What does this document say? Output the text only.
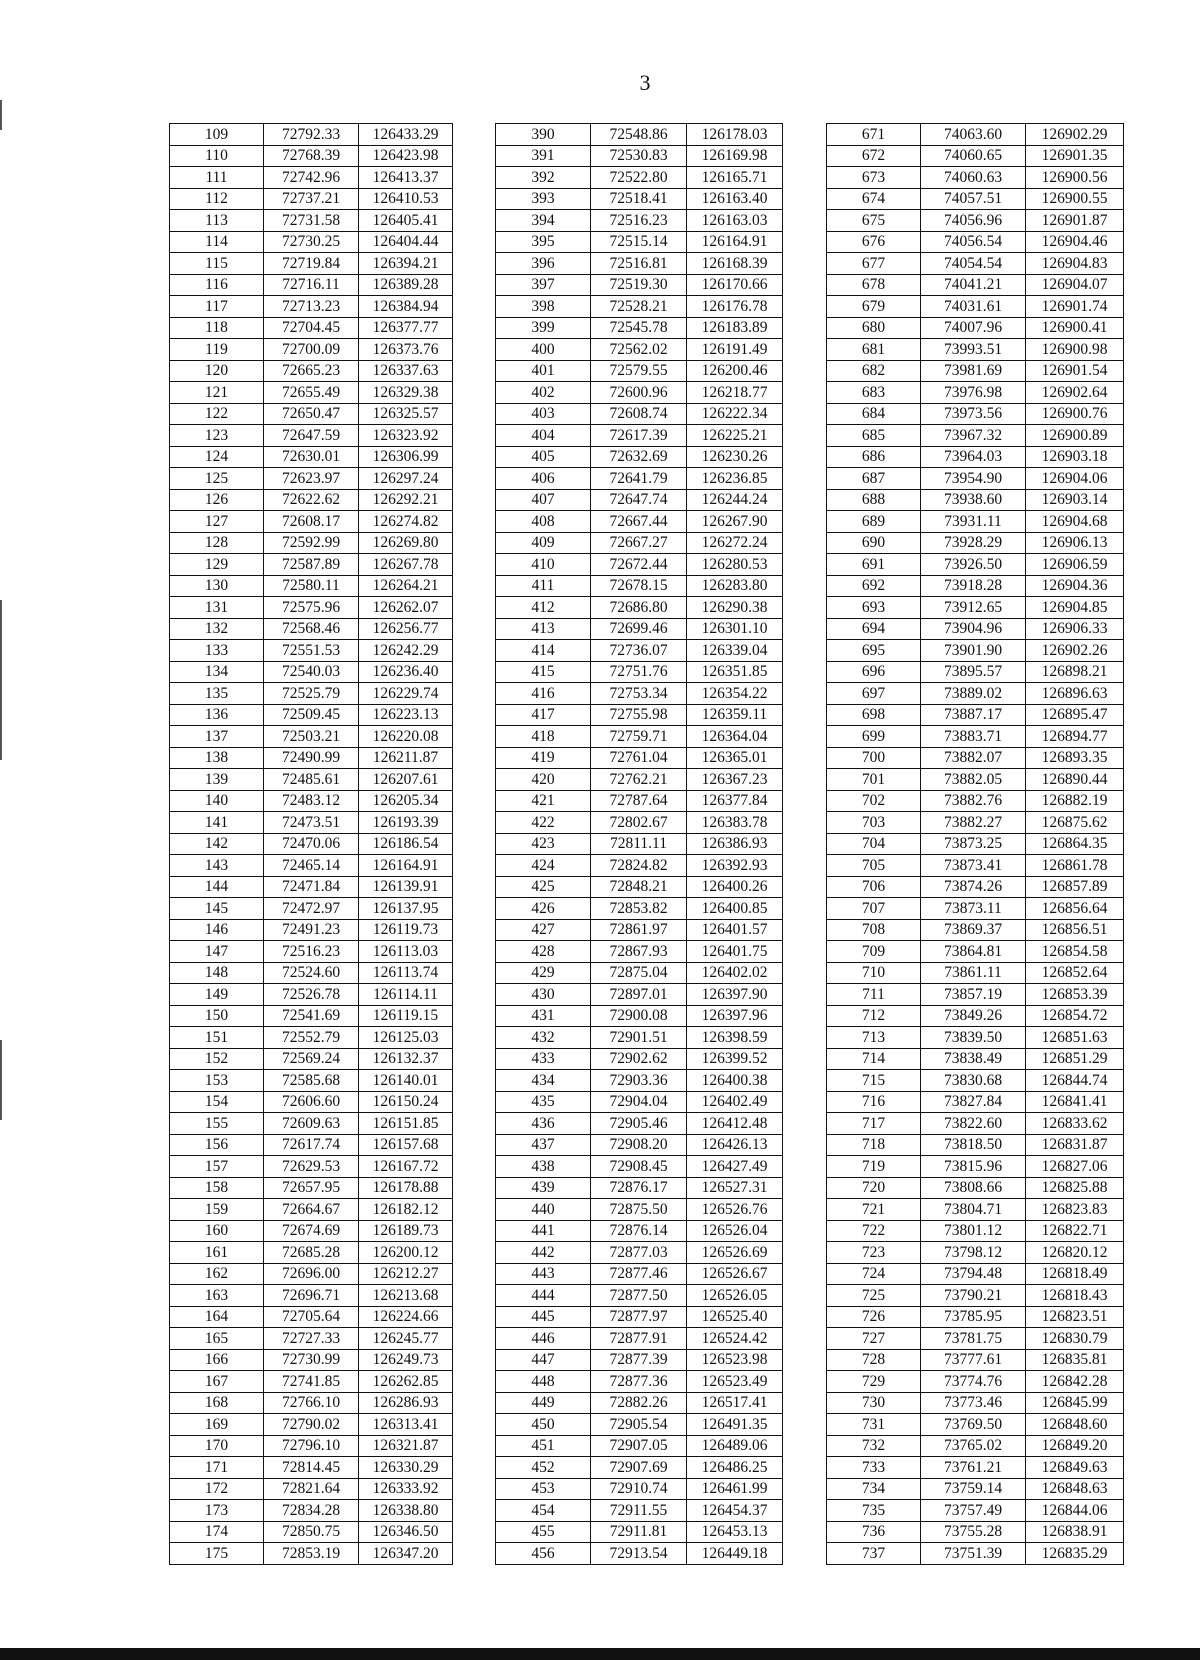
3
109	72792.33	126433.29
110	72768.39	126423.98
111	72742.96	126413.37
112	72737.21	126410.53
113	72731.58	126405.41
114	72730.25	126404.44
115	72719.84	126394.21
116	72716.11	126389.28
117	72713.23	126384.94
118	72704.45	126377.77
119	72700.09	126373.76
120	72665.23	126337.63
121	72655.49	126329.38
122	72650.47	126325.57
123	72647.59	126323.92
124	72630.01	126306.99
125	72623.97	126297.24
126	72622.62	126292.21
127	72608.17	126274.82
128	72592.99	126269.80
129	72587.89	126267.78
130	72580.11	126264.21
131	72575.96	126262.07
132	72568.46	126256.77
133	72551.53	126242.29
134	72540.03	126236.40
135	72525.79	126229.74
136	72509.45	126223.13
137	72503.21	126220.08
138	72490.99	126211.87
139	72485.61	126207.61
140	72483.12	126205.34
141	72473.51	126193.39
142	72470.06	126186.54
143	72465.14	126164.91
144	72471.84	126139.91
145	72472.97	126137.95
146	72491.23	126119.73
147	72516.23	126113.03
148	72524.60	126113.74
149	72526.78	126114.11
150	72541.69	126119.15
151	72552.79	126125.03
152	72569.24	126132.37
153	72585.68	126140.01
154	72606.60	126150.24
155	72609.63	126151.85
156	72617.74	126157.68
157	72629.53	126167.72
158	72657.95	126178.88
159	72664.67	126182.12
160	72674.69	126189.73
161	72685.28	126200.12
162	72696.00	126212.27
163	72696.71	126213.68
164	72705.64	126224.66
165	72727.33	126245.77
166	72730.99	126249.73
167	72741.85	126262.85
168	72766.10	126286.93
169	72790.02	126313.41
170	72796.10	126321.87
171	72814.45	126330.29
172	72821.64	126333.92
173	72834.28	126338.80
174	72850.75	126346.50
175	72853.19	126347.20
390	72548.86	126178.03
391	72530.83	126169.98
392	72522.80	126165.71
393	72518.41	126163.40
394	72516.23	126163.03
395	72515.14	126164.91
396	72516.81	126168.39
397	72519.30	126170.66
398	72528.21	126176.78
399	72545.78	126183.89
400	72562.02	126191.49
401	72579.55	126200.46
402	72600.96	126218.77
403	72608.74	126222.34
404	72617.39	126225.21
405	72632.69	126230.26
406	72641.79	126236.85
407	72647.74	126244.24
408	72667.44	126267.90
409	72667.27	126272.24
410	72672.44	126280.53
411	72678.15	126283.80
412	72686.80	126290.38
413	72699.46	126301.10
414	72736.07	126339.04
415	72751.76	126351.85
416	72753.34	126354.22
417	72755.98	126359.11
418	72759.71	126364.04
419	72761.04	126365.01
420	72762.21	126367.23
421	72787.64	126377.84
422	72802.67	126383.78
423	72811.11	126386.93
424	72824.82	126392.93
425	72848.21	126400.26
426	72853.82	126400.85
427	72861.97	126401.57
428	72867.93	126401.75
429	72875.04	126402.02
430	72897.01	126397.90
431	72900.08	126397.96
432	72901.51	126398.59
433	72902.62	126399.52
434	72903.36	126400.38
435	72904.04	126402.49
436	72905.46	126412.48
437	72908.20	126426.13
438	72908.45	126427.49
439	72876.17	126527.31
440	72875.50	126526.76
441	72876.14	126526.04
442	72877.03	126526.69
443	72877.46	126526.67
444	72877.50	126526.05
445	72877.97	126525.40
446	72877.91	126524.42
447	72877.39	126523.98
448	72877.36	126523.49
449	72882.26	126517.41
450	72905.54	126491.35
451	72907.05	126489.06
452	72907.69	126486.25
453	72910.74	126461.99
454	72911.55	126454.37
455	72911.81	126453.13
456	72913.54	126449.18
671	74063.60	126902.29
672	74060.65	126901.35
673	74060.63	126900.56
674	74057.51	126900.55
675	74056.96	126901.87
676	74056.54	126904.46
677	74054.54	126904.83
678	74041.21	126904.07
679	74031.61	126901.74
680	74007.96	126900.41
681	73993.51	126900.98
682	73981.69	126901.54
683	73976.98	126902.64
684	73973.56	126900.76
685	73967.32	126900.89
686	73964.03	126903.18
687	73954.90	126904.06
688	73938.60	126903.14
689	73931.11	126904.68
690	73928.29	126906.13
691	73926.50	126906.59
692	73918.28	126904.36
693	73912.65	126904.85
694	73904.96	126906.33
695	73901.90	126902.26
696	73895.57	126898.21
697	73889.02	126896.63
698	73887.17	126895.47
699	73883.71	126894.77
700	73882.07	126893.35
701	73882.05	126890.44
702	73882.76	126882.19
703	73882.27	126875.62
704	73873.25	126864.35
705	73873.41	126861.78
706	73874.26	126857.89
707	73873.11	126856.64
708	73869.37	126856.51
709	73864.81	126854.58
710	73861.11	126852.64
711	73857.19	126853.39
712	73849.26	126854.72
713	73839.50	126851.63
714	73838.49	126851.29
715	73830.68	126844.74
716	73827.84	126841.41
717	73822.60	126833.62
718	73818.50	126831.87
719	73815.96	126827.06
720	73808.66	126825.88
721	73804.71	126823.83
722	73801.12	126822.71
723	73798.12	126820.12
724	73794.48	126818.49
725	73790.21	126818.43
726	73785.95	126823.51
727	73781.75	126830.79
728	73777.61	126835.81
729	73774.76	126842.28
730	73773.46	126845.99
731	73769.50	126848.60
732	73765.02	126849.20
733	73761.21	126849.63
734	73759.14	126848.63
735	73757.49	126844.06
736	73755.28	126838.91
737	73751.39	126835.29
